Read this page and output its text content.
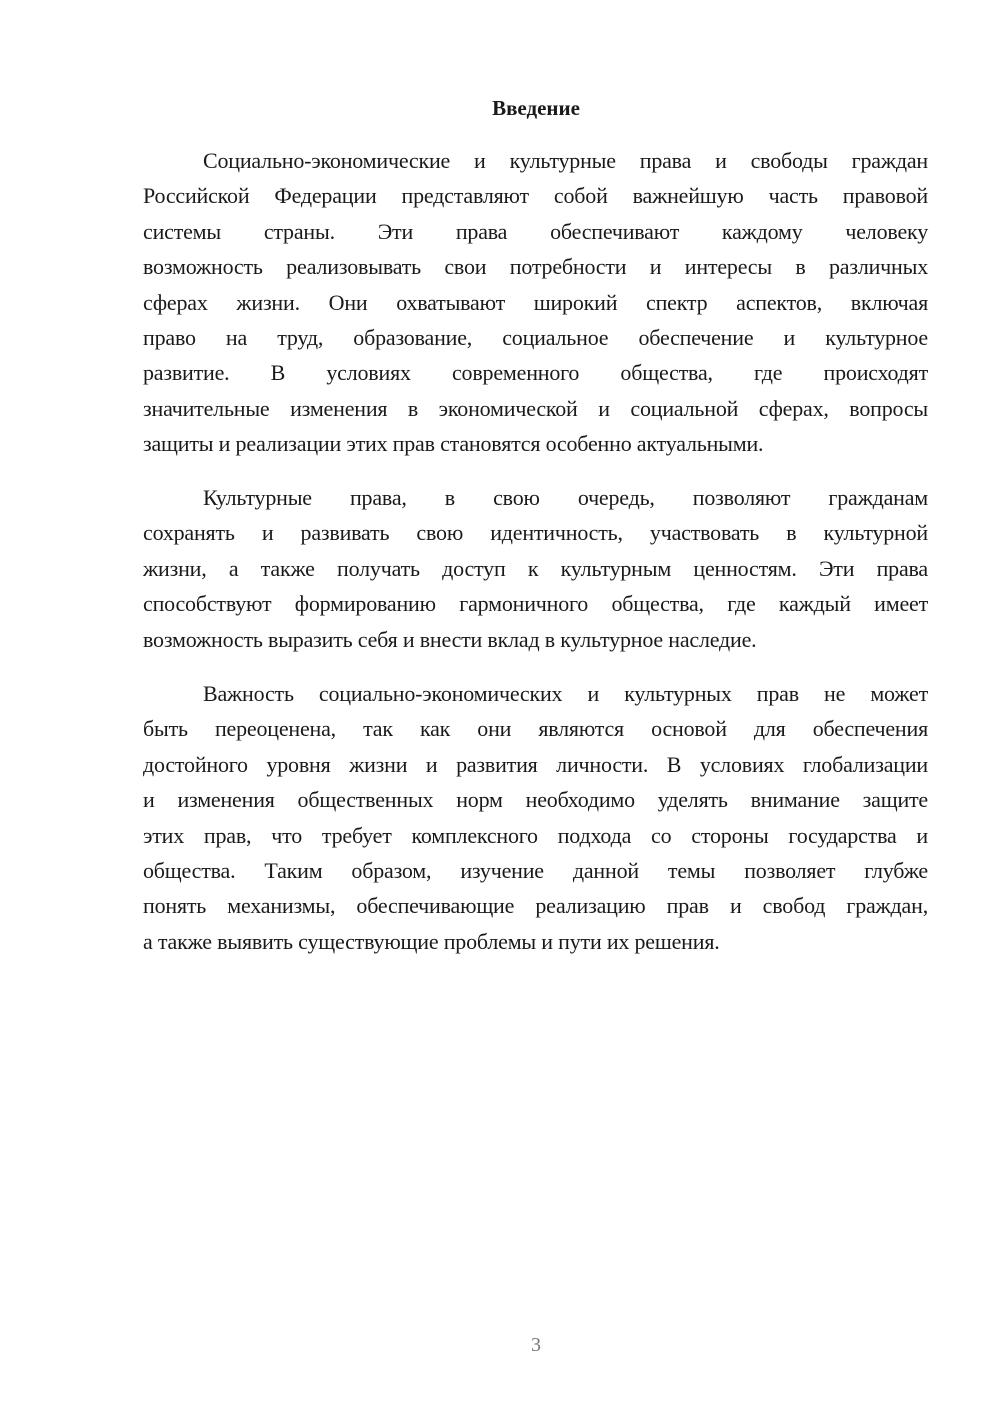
Введение
Социально-экономические и культурные права и свободы граждан
Российской Федерации представляют собой важнейшую часть правовой
системы страны. Эти права обеспечивают каждому человеку
возможность реализовывать свои потребности и интересы в различных
сферах жизни. Они охватывают широкий спектр аспектов, включая
право на труд, образование, социальное обеспечение и культурное
развитие. В условиях современного общества, где происходят
значительные изменения в экономической и социальной сферах, вопросы
защиты и реализации этих прав становятся особенно актуальными.
Культурные права, в свою очередь, позволяют гражданам
сохранять и развивать свою идентичность, участвовать в культурной
жизни, а также получать доступ к культурным ценностям. Эти права
способствуют формированию гармоничного общества, где каждый имеет
возможность выразить себя и внести вклад в культурное наследие.
Важность социально-экономических и культурных прав не может
быть переоценена, так как они являются основой для обеспечения
достойного уровня жизни и развития личности. В условиях глобализации
и изменения общественных норм необходимо уделять внимание защите
этих прав, что требует комплексного подхода со стороны государства и
общества. Таким образом, изучение данной темы позволяет глубже
понять механизмы, обеспечивающие реализацию прав и свобод граждан,
а также выявить существующие проблемы и пути их решения.
3
